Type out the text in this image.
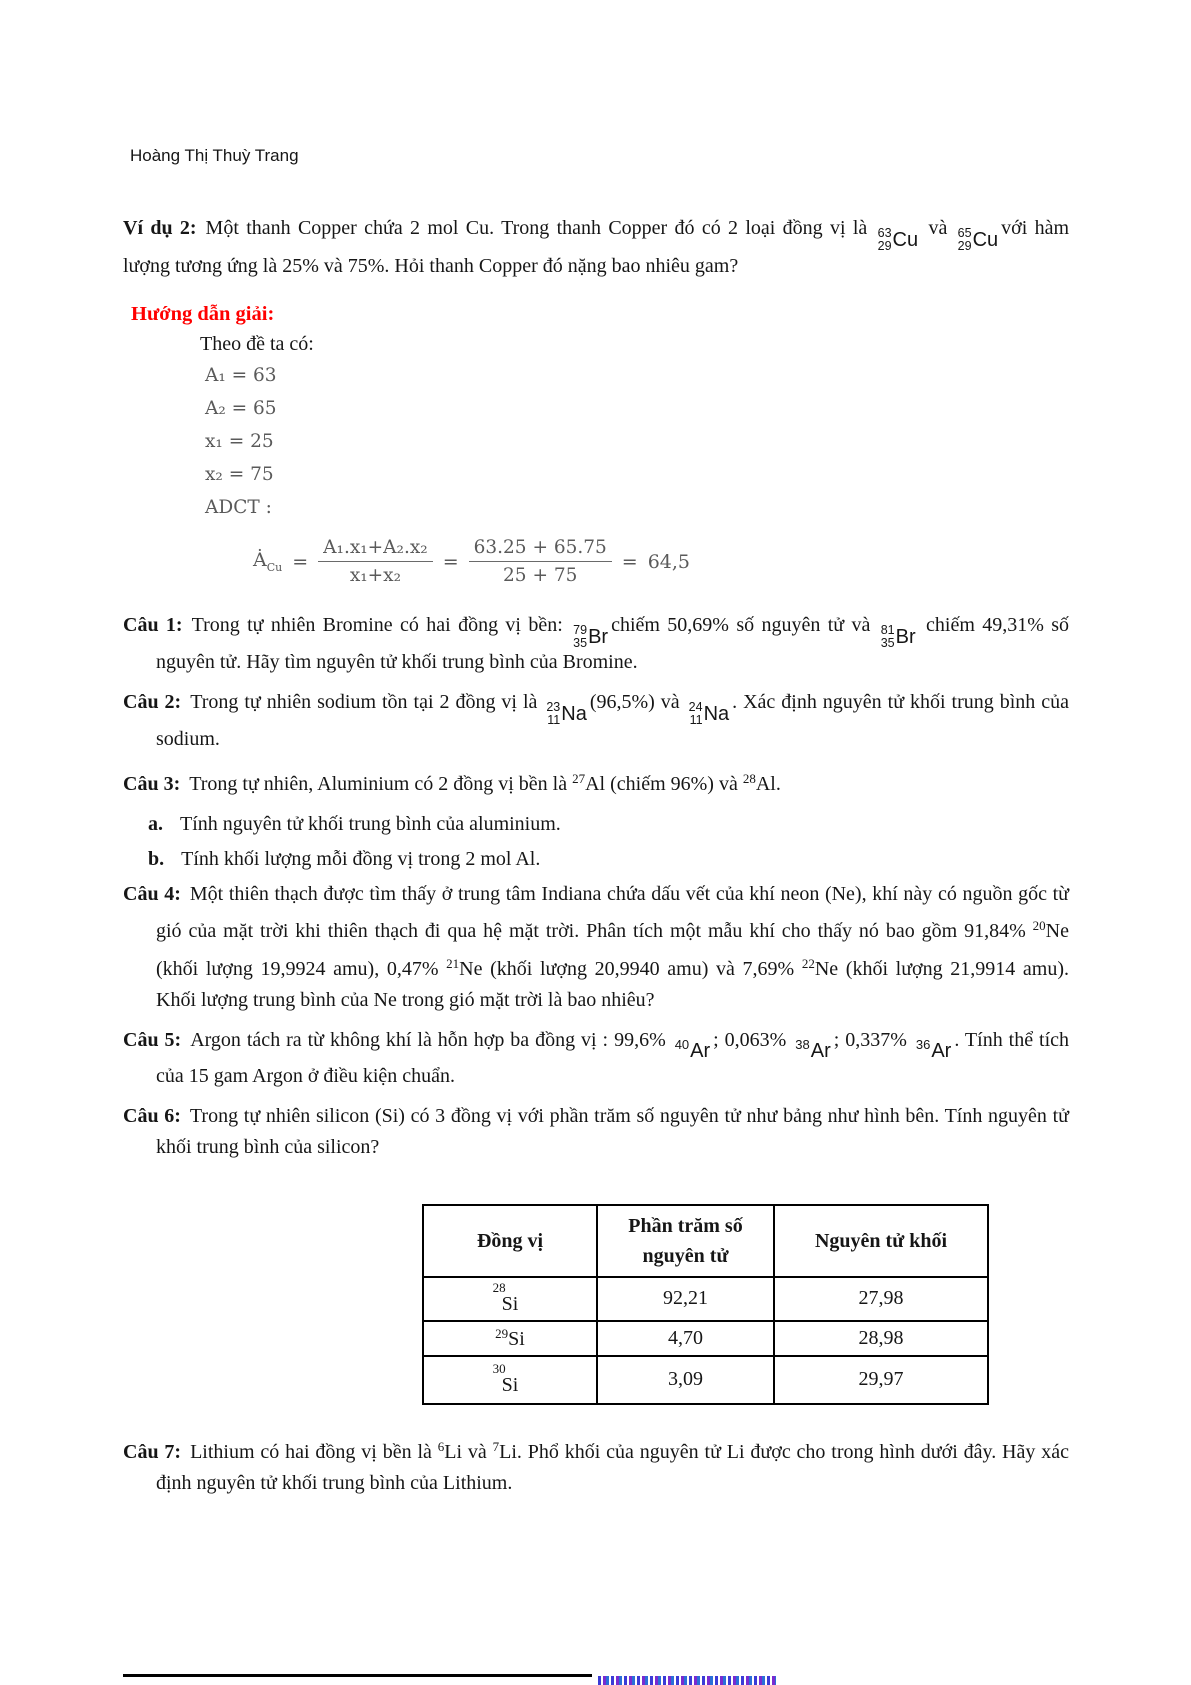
Hoàng Thị Thuỳ Trang

Ví dụ 2: Một thanh Copper chứa 2 mol Cu. Trong thanh Copper đó có 2 loại đồng vị là 63
29 Cu
và 65
29 Cu
với hàm lượng tương ứng là 25% và 75%. Hỏi thanh Copper đó nặng bao nhiêu gam?

Hướng dẫn giải:
Theo đề ta có:
A₁ = 63
A₂ = 65
x₁ = 25
x₂ = 75
ADCT :
$Ȧ_{Cu} = \frac{\text{A₁.x₁+A₂.x₂}}{\text{x₁+x₂}} = \frac{63.25 + 65.75}{25 + 75} = 64,5$

Câu 1: Trong tự nhiên Bromine có hai đồng vị bền: 79
35 Br
chiếm 50,69% số nguyên tử và 81
35 Br
chiếm 49,31% số nguyên tử. Hãy tìm nguyên tử khối trung bình của Bromine.

Câu 2: Trong tự nhiên sodium tồn tại 2 đồng vị là 23
11 Na
(96,5%) và 24
11 Na
. Xác định nguyên tử khối trung bình của sodium.

Câu 3: Trong tự nhiên, Aluminium có 2 đồng vị bền là $^{27}$Al (chiếm 96%) và $^{28}$Al.

a. Tính nguyên tử khối trung bình của aluminium.

b. Tính khối lượng mỗi đồng vị trong 2 mol Al.

Câu 4: Một thiên thạch được tìm thấy ở trung tâm Indiana chứa dấu vết của khí neon (Ne), khí này có nguồn gốc từ gió của mặt trời khi thiên thạch đi qua hệ mặt trời. Phân tích một mẫu khí cho thấy nó bao gồm 91,84% $^{20}$Ne (khối lượng 19,9924 amu), 0,47% $^{21}$Ne (khối lượng 20,9940 amu) và 7,69% $^{22}$Ne (khối lượng 21,9914 amu). Khối lượng trung bình của Ne trong gió mặt trời là bao nhiêu?

Câu 5: Argon tách ra từ không khí là hỗn hợp ba đồng vị : 99,6% 40 Ar
; 0,063% 38 Ar
; 0,337% 36 Ar
. Tính thể tích của 15 gam Argon ở điều kiện chuẩn.

Câu 6: Trong tự nhiên silicon (Si) có 3 đồng vị với phần trăm số nguyên tử như bảng như hình bên. Tính nguyên tử khối trung bình của silicon?

Đồng vị	Phần trăm số nguyên tử	Nguyên tử khối

28
Si	92,21	27,98
$^{29}$Si	4,70	28,98

30
Si	3,09	29,97

Câu 7: Lithium có hai đồng vị bền là $^6$Li và $^7$Li. Phổ khối của nguyên tử Li được cho trong hình dưới đây. Hãy xác định nguyên tử khối trung bình của Lithium.
